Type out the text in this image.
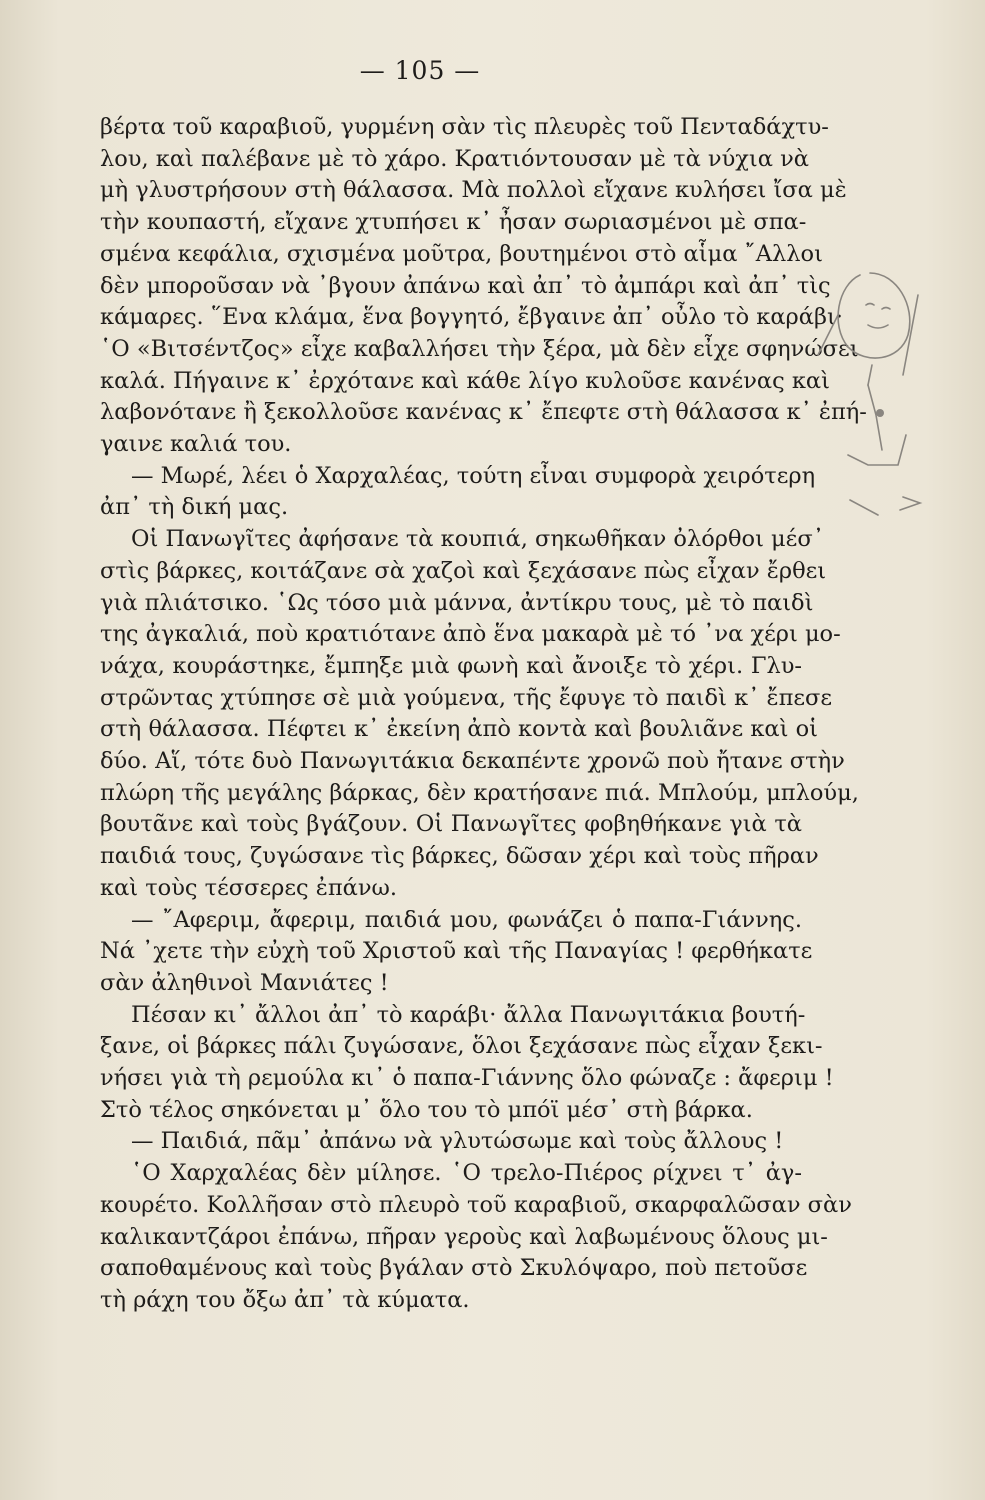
— 105 —
βέρτα τοῦ καραβιοῦ, γυρμένη σὰν τὶς πλευρὲς τοῦ Πενταδάχτυ-
λου, καὶ παλέβανε μὲ τὸ χάρο. Κρατιόντουσαν μὲ τὰ νύχια νὰ
μὴ γλυστρήσουν στὴ θάλασσα. Μὰ πολλοὶ εἴχανε κυλήσει ἴσα μὲ
τὴν κουπαστή, εἴχανε χτυπήσει κ᾽ ἦσαν σωριασμένοι μὲ σπα-
σμένα κεφάλια, σχισμένα μοῦτρα, βουτημένοι στὸ αἷμα ῎Αλλοι
δὲν μποροῦσαν νὰ ᾽βγουν ἀπάνω καὶ ἀπ᾽ τὸ ἀμπάρι καὶ ἀπ᾽ τὶς
κάμαρες. ῞Ενα κλάμα, ἕνα βογγητό, ἔβγαινε ἀπ᾽ οὖλο τὸ καράβι·
῾Ο «Βιτσέντζος» εἶχε καβαλλήσει τὴν ξέρα, μὰ δὲν εἶχε σφηνώσει
καλά. Πήγαινε κ᾽ ἐρχότανε καὶ κάθε λίγο κυλοῦσε κανένας καὶ
λαβονότανε ἢ ξεκολλοῦσε κανένας κ᾽ ἔπεφτε στὴ θάλασσα κ᾽ ἐπή-
γαινε καλιά του.
— Μωρέ, λέει ὁ Χαρχαλέας, τούτη εἶναι συμφορὰ χειρότερη
ἀπ᾽ τὴ δική μας.
Οἱ Πανωγῖτες ἀφήσανε τὰ κουπιά, σηκωθῆκαν ὀλόρθοι μέσ᾽
στὶς βάρκες, κοιτάζανε σὰ χαζοὶ καὶ ξεχάσανε πὼς εἶχαν ἔρθει
γιὰ πλιάτσικο. ῾Ως τόσο μιὰ μάννα, ἀντίκρυ τους, μὲ τὸ παιδὶ
της ἀγκαλιά, ποὺ κρατιότανε ἀπὸ ἕνα μακαρὰ μὲ τό ᾽να χέρι μο-
νάχα, κουράστηκε, ἔμπηξε μιὰ φωνὴ καὶ ἄνοιξε τὸ χέρι. Γλυ-
στρῶντας χτύπησε σὲ μιὰ γούμενα, τῆς ἔφυγε τὸ παιδὶ κ᾽ ἔπεσε
στὴ θάλασσα. Πέφτει κ᾽ ἐκείνη ἀπὸ κοντὰ καὶ βουλιᾶνε καὶ οἱ
δύο. Αἵ, τότε δυὸ Πανωγιτάκια δεκαπέντε χρονῶ ποὺ ἤτανε στὴν
πλώρη τῆς μεγάλης βάρκας, δὲν κρατήσανε πιά. Μπλούμ, μπλούμ,
βουτᾶνε καὶ τοὺς βγάζουν. Οἱ Πανωγῖτες φοβηθήκανε γιὰ τὰ
παιδιά τους, ζυγώσανε τὶς βάρκες, δῶσαν χέρι καὶ τοὺς πῆραν
καὶ τοὺς τέσσερες ἐπάνω.
— ῎Αφεριμ, ἄφεριμ, παιδιά μου, φωνάζει ὁ παπα-Γιάννης.
Νά ᾽χετε τὴν εὐχὴ τοῦ Χριστοῦ καὶ τῆς Παναγίας ! φερθήκατε
σὰν ἀληθινοὶ Μανιάτες !
Πέσαν κι᾽ ἄλλοι ἀπ᾽ τὸ καράβι· ἄλλα Πανωγιτάκια βουτή-
ξανε, οἱ βάρκες πάλι ζυγώσανε, ὅλοι ξεχάσανε πὼς εἶχαν ξεκι-
νήσει γιὰ τὴ ρεμούλα κι᾽ ὁ παπα-Γιάννης ὅλο φώναζε : ἄφεριμ !
Στὸ τέλος σηκόνεται μ᾽ ὅλο του τὸ μπόϊ μέσ᾽ στὴ βάρκα.
— Παιδιά, πᾶμ᾽ ἀπάνω νὰ γλυτώσωμε καὶ τοὺς ἄλλους !
῾Ο Χαρχαλέας δὲν μίλησε. ῾Ο τρελο-Πιέρος ρίχνει τ᾽ ἀγ-
κουρέτο. Κολλῆσαν στὸ πλευρὸ τοῦ καραβιοῦ, σκαρφαλῶσαν σὰν
καλικαντζάροι ἐπάνω, πῆραν γεροὺς καὶ λαβωμένους ὅλους μι-
σαποθαμένους καὶ τοὺς βγάλαν στὸ Σκυλόψαρο, ποὺ πετοῦσε
τὴ ράχη του ὄξω ἀπ᾽ τὰ κύματα.
